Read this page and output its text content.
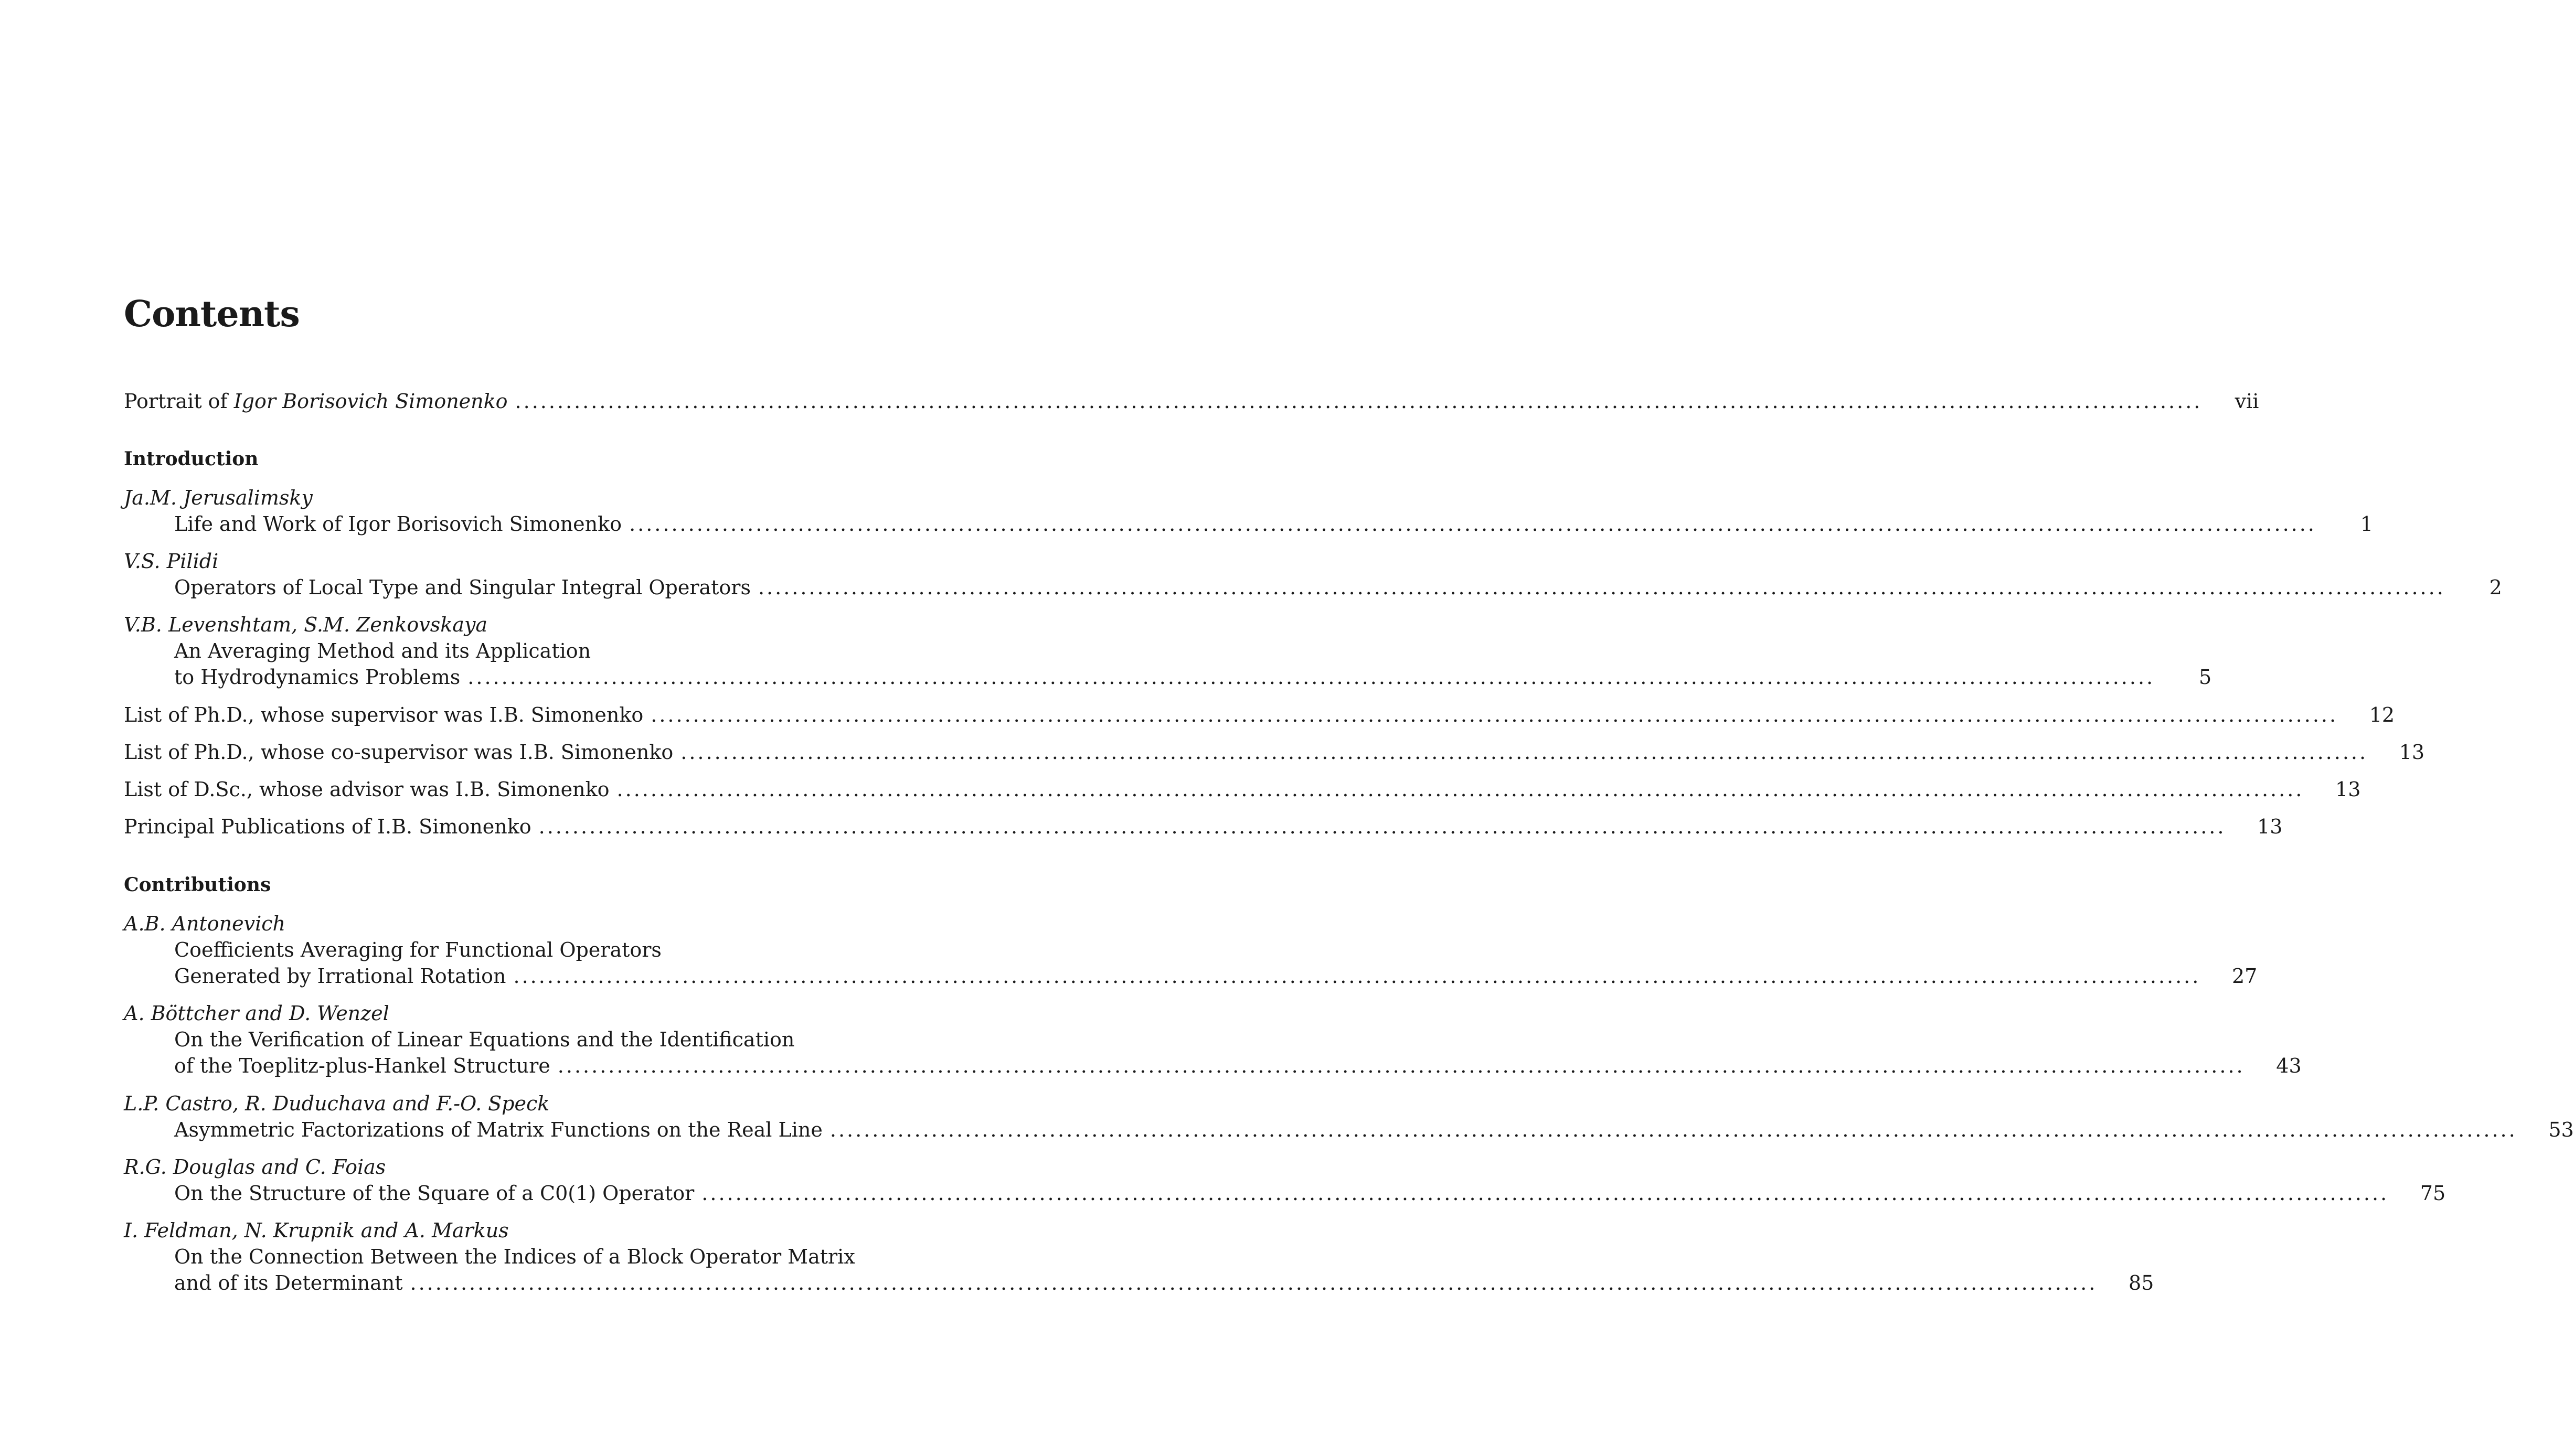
Contents
Portrait of Igor Borisovich Simonenko ........................................................................................................................................................................................................	vii
Introduction
Ja.M. Jerusalimsky
Life and Work of Igor Borisovich Simonenko ........................................................................................................................................................................................................	1
V.S. Pilidi
Operators of Local Type and Singular Integral Operators ........................................................................................................................................................................................................	2
V.B. Levenshtam, S.M. Zenkovskaya
An Averaging Method and its Application
to Hydrodynamics Problems ........................................................................................................................................................................................................	5
List of Ph.D., whose supervisor was I.B. Simonenko ........................................................................................................................................................................................................	12
List of Ph.D., whose co-supervisor was I.B. Simonenko ........................................................................................................................................................................................................	13
List of D.Sc., whose advisor was I.B. Simonenko ........................................................................................................................................................................................................	13
Principal Publications of I.B. Simonenko ........................................................................................................................................................................................................	13
Contributions
A.B. Antonevich
Coefficients Averaging for Functional Operators
Generated by Irrational Rotation ........................................................................................................................................................................................................	27
A. Böttcher and D. Wenzel
On the Verification of Linear Equations and the Identification
of the Toeplitz-plus-Hankel Structure ........................................................................................................................................................................................................	43
L.P. Castro, R. Duduchava and F.-O. Speck
Asymmetric Factorizations of Matrix Functions on the Real Line ........................................................................................................................................................................................................	53
R.G. Douglas and C. Foias
On the Structure of the Square of a C0(1) Operator ........................................................................................................................................................................................................	75
I. Feldman, N. Krupnik and A. Markus
On the Connection Between the Indices of a Block Operator Matrix
and of its Determinant ........................................................................................................................................................................................................	85
